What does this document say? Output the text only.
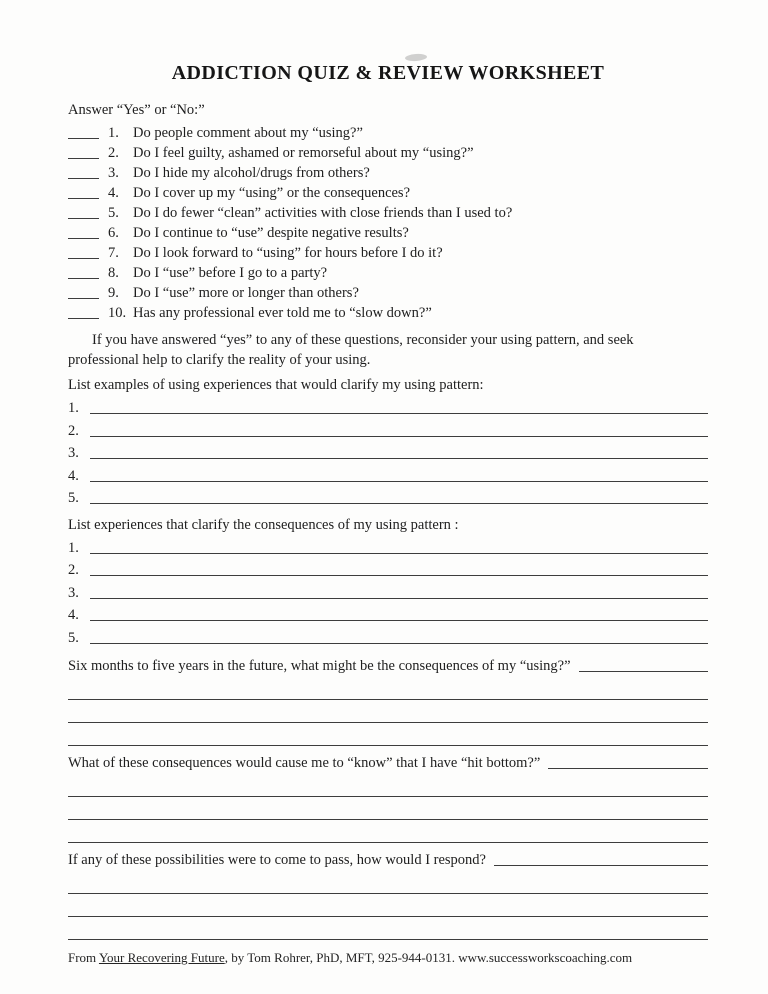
ADDICTION QUIZ & REVIEW WORKSHEET

Answer “Yes” or “No:”

1. Do people comment about my “using?”
2. Do I feel guilty, ashamed or remorseful about my “using?”
3. Do I hide my alcohol/drugs from others?
4. Do I cover up my “using” or the consequences?
5. Do I do fewer “clean” activities with close friends than I used to?
6. Do I continue to “use” despite negative results?
7. Do I look forward to “using” for hours before I do it?
8. Do I “use” before I go to a party?
9. Do I “use” more or longer than others?
10. Has any professional ever told me to “slow down?”

If you have answered “yes” to any of these questions, reconsider your using pattern, and seek professional help to clarify the reality of your using.

List examples of using experiences that would clarify my using pattern:

1.
2.
3.
4.
5.

List experiences that clarify the consequences of my using pattern :

1.
2.
3.
4.
5.
Six months to five years in the future, what might be the consequences of my “using?”
What of these consequences would cause me to “know” that I have “hit bottom?”
If any of these possibilities were to come to pass, how would I respond?

From Your Recovering Future, by Tom Rohrer, PhD, MFT, 925-944-0131. www.successworkscoaching.com
